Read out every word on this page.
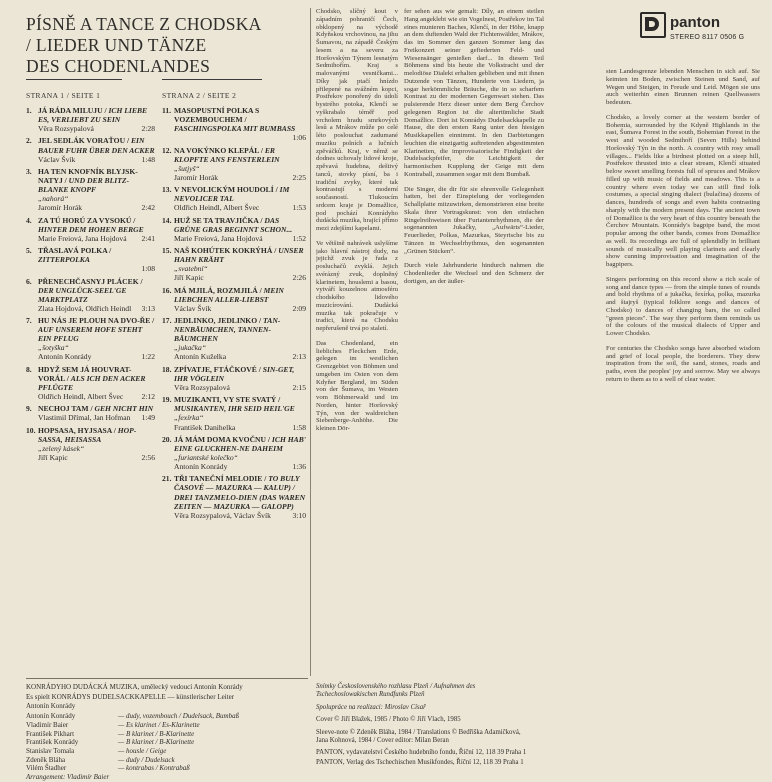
PÍSNĚ A TANCE Z CHODSKA
/ LIEDER UND TÄNZE
DES CHODENLANDES
STRANA 1 / SEITE 1	STRANA 2 / SEITE 2
1. JÁ RÁDA MILUJU / ICH LIEBE ES, VERLIEBT ZU SEIN
Věra Rozsypalová	2:28
2. JEL SEDLÁK VORAŤOU / EIN BAUER FUHR ÜBER DEN ACKER
Václav Švík	1:48
3. HA TEN KNOFNÍK BLYJSK-NATYJ / UND DER BLITZ-BLANKE KNOPF
„nahorá“
Jaromír Horák	2:42
4. ZA TÚ HORÚ ZA VYSOKÚ / HINTER DEM HOHEN BERGE
Marie Freiová, Jana Hojdová	2:41
5. TŘASLAVÁ POLKA / ZITTERPOLKA
1:08
6. PŘENECHČASNYJ PLÁCEK / DER UNGLÜCK-SEEL'GE MARKTPLATZ
Zlata Hojdová, Oldřich Heindl	3:13
7. HU NÁS JE PLOUH NA DVO-ŘE / AUF UNSEREM HOFE STEHT EIN PFLUG
„šotyška“
Antonín Konrády	1:22
8. HDYŽ SEM JÁ HOUVRAT-VORÁL / ALS ICH DEN ACKER PFLÜGTE
Oldřich Heindl, Albert Švec	2:12
9. NECHOJ TAM / GEH NICHT HIN
Vlastimil Dřímal, Jan Hofman	1:49
10. HOPSASA, HYJSASA / HOP-SASSA, HEISASSA
„zelený kásek“
Jiří Kapic	2:56
11. MASOPUSTNÍ POLKA S VOZEMBOUCHEM / FASCHINGSPOLKA MIT BUMBASS
1:06
12. NA VOKÝNKO KLEPÁL / ER KLOPFTE ANS FENSTERLEIN
„šutjyš“
Jaromír Horák	2:25
13. V NEVOLICKÝM HOUDOLÍ / IM NEVOLICER TAL
Oldřich Heindl, Albert Švec	1:53
14. HUŽ SE TA TRAVJIČKA / DAS GRÜNE GRAS BEGINNT SCHON...
Marie Freiová, Jana Hojdová	1:52
15. NAŠ KOHÚTEK KOKRÝHÁ / UNSER HAHN KRÄHT
„svatební“
Jiří Kapic	2:26
16. MÁ MJILÁ, ROZMJILÁ / MEIN LIEBCHEN ALLER-LIEBST
Václav Švík	2:09
17. JEDLINKO, JEDLINKO / TAN-NENBÄUMCHEN, TANNEN-BÄUMCHEN
„jukačka“
Antonín Kuželka	2:13
18. ZPÍVATJE, FTÁČKOVÉ / SIN-GET, IHR VÖGLEIN
Věra Rozsypalová	2:15
19. MUZIKANTI, VY STE SVATÝ / MUSIKANTEN, IHR SEID HEIL'GE
„fexírka“
František Danihelka	1:58
20. JÁ MÁM DOMA KVOČNU / ICH HAB' EINE GLUCKHEN-NE DAHEIM
„furiantské kolečko“
Antonín Konrády	1:36
21. TŘI TANEČNÍ MELODIE / TO BULY ČASOVÉ — MAZURKA — KALUP) / DREI TANZMELO-DIEN (DAS WAREN ZEITEN — MAZURKA — GALOPP)
Věra Rozsypalová, Václav Švík	3:10

Chodsko, slíčný kout v západním pohraničí Čech, obklopený na východě Kdyňskou vrchovinou, na jihu Šumavou, na západě Českým lesem a na severu za Horšovským Týnem lesnatým Sedmihořím. Kraj s malovanými vesničkami... Díky jak ptačí hnízdo přilepené na svážném kopci, Postřekov ponořený do údolí bystrého potoka, Klenčí se vyškrabalo téměř pod vrcholem hradu smrkových lesů a Mrákov může po celé léto poslouchat zadumané muziku polních a lučních zpěváčků. Kraj, v němž se dodnes uchovaly lidové kroje, zpěvavá hudebna, deštivý tanců, stovky písní, ba i tradiční zvyky, které tak kontrastují s moderní současností. Tlukoucím srdcem kraje je Domažlice, pod pochází Konrádyho dudácká muzika, hrající přímo mezi zdejšími kapelami.

Ve většině nahrávek uslyšíme jako hlavní nástroj dudy, na jejichž zvuk je řada z posluchačů zvyklá. Jejich svérázný zvuk, doplněný klarinetem, houslemi a basou, vytváří kouzelnou atmosféru chodského lidového muzicírování. Dudácká muzika tak pokračuje v tradici, která na Chodsku nepřerušeně trvá po staletí.

Das Chodenland, ein liebliches Fleckchen Erde, gelegen im westlichen Grenzgebiet von Böhmen und umgeben im Osten von dem Kdyňer Bergland, im Süden von der Šumava, im Westen vom Böhmerwald und im Norden, hinter Horšovský Týn, von der waldreichen Siebenberge-Anhöhe. Die kleinen Dör-

fer sehen aus wie gemalt: Díly, an einem steilen Hang angeklebt wie ein Vogelnest, Postřekov im Tal eines munteren Baches, Klenčí, in der Höhe, knapp an dem duftenden Wald der Fichtenwälder, Mrákov, das im Sommer den ganzen Sommer lang das Freikonzert seiner gefiederten Feld- und Wiesensänger genießen darf... In diesem Teil Böhmens sind bis heute die Volkstracht und der melodiöse Dialekt erhalten geblieben und mit ihnen Dutzende von Tänzen, Hunderte von Liedern, ja sogar herkömmliche Bräuche, die in so scharfem Kontrast zu der modernen Gegenwart stehen. Das pulsierende Herz dieser unter dem Berg Čerchov gelegenen Region ist die altertümliche Stadt Domažlice. Dort ist Konrádys Dudelsackkapelle zu Hause, die den ersten Rang unter den hiesigen Musikkapellen einnimmt. In den Darbietungen leuchten die einzigartig auftretenden abgestimmten Klarinetten, die improvisatorische Findigkeit der Dudelsackpfeifer, die Leichtigkeit der harmonischen Kupplung der Geige mit dem Kontraball, zusammen sogar mit dem Bumbaß.

Die Singer, die dir für sie ehrenvolle Gelegenheit hatten, bei der Einspielung der vorliegenden Schallplatte mitzuwirken, demonstrieren eine breite Skala ihrer Vortragskunst: von den einfachen Ringelreihweisen über Furiantenrhythmen, die der sogenannten Jukačky, „Aufwärts“-Lieder, Feuerlieder, Polkas, Mazurkas, Steyrische bis zu Tänzen in Wechselrhythmus, den sogenannten „Grünen Stücken“.

Durch viele Jahrhunderte hindurch nahmen die Chodenlieder die Wechsel und den Schmerz der dortigen, an der äußer-

sten Landesgrenze lebenden Menschen in sich auf. Sie keimten im Boden, zwischen Steinen und Sand, auf Wegen und Steigen, in Freude und Leid. Mögen sie uns auch weiterhin einen Brunnen reinen Quellwassers bedeuten.

Chodsko, a lovely corner at the western border of Bohemia, surrounded by the Kdyně Highlands in the east, Šumava Forest in the south, Bohemian Forest in the west and wooded Sedmihoří (Seven Hills) behind Horšovský Týn in the north. A country with rosy small villages... Fields like a birdnest plotted on a steep hill, Postřekov thrusted into a clear stream, Klenčí situated below sweet smelling forests full of spruces and Mrákov filled up with music of fields and meadows. This is a country where even today we can still find folk costumes, a special singing dialect (bulačina) dozens of dances, hundreds of songs and even habits contrasting sharply with the modern present days. The ancient town of Domažlice is the very heart of this country beneath the Čerchov Mountain. Konrády's bagpipe band, the most popular among the other bands, comes from Domažlice as well. Its recordings are full of splendidly in brilliant sounds of musically well playing clarinets and clearly show cunning improvisation and imagination of the bagpipers.

Singers performing on this record show a rich scale of song and dance types — from the simple tunes of rounds and bold rhythms of a jukačka, fexírka, polka, mazurka and štajryš (typical folklore songs and dances of Chodsko) to dances of changing bars, the so called "green pieces". The way they perform them reminds us of the colours of the musical dialects of Upper and Lower Chodsko.

For centuries the Chodsko songs have absorbed wisdom and grief of local people, the borderers. They drew inspiration from the soil, the sand, stones, roads and paths, even the peoples' joy and sorrow. May we always return to them as to a well of clear water.

panton
STEREO 8117 0506 G
KONRÁDYHO DUDÁCKÁ MUZIKA, umělecký vedoucí Antonín Konrády
Es spielt KONRÁDYS DUDELSACKKAPELLE — künstlerischer Leiter
Antonín Konrády
Antonín Konrády	— dudy, vozembouch / Dudelsack, Bumbaß
Vladimír Baier	— Es klarinet / Es-Klarinette
František Pikhart	— B klarinet / B-Klarinette
František Konrády	— B klarinet / B-Klarinette
Stanislav Tomala	— housle / Geige
Zdeněk Bláha	— dudy / Dudelsack
Vilém Štadher	— kontrabas / Kontrabaß
Arrangement: Vladimír Baier

Snímky Československého rozhlasu Plzeň / Aufnahmen des Tschechoslowakischen Rundfunks Plzeň

Spolupráce na realizaci: Miroslav Císař

Cover © Jiří Blažek, 1985 / Photo © Jiří Vlach, 1985

Sleeve-note © Zdeněk Bláha, 1984 / Translations © Bedřiška Adamičková, Jana Kohnová, 1984 / Cover editor: Milan Beran

PANTON, vydavatelství Českého hudebního fondu, Říční 12, 118 39 Praha 1

PANTON, Verlag des Tschechischen Musikfondes, Říční 12, 118 39 Praha 1
